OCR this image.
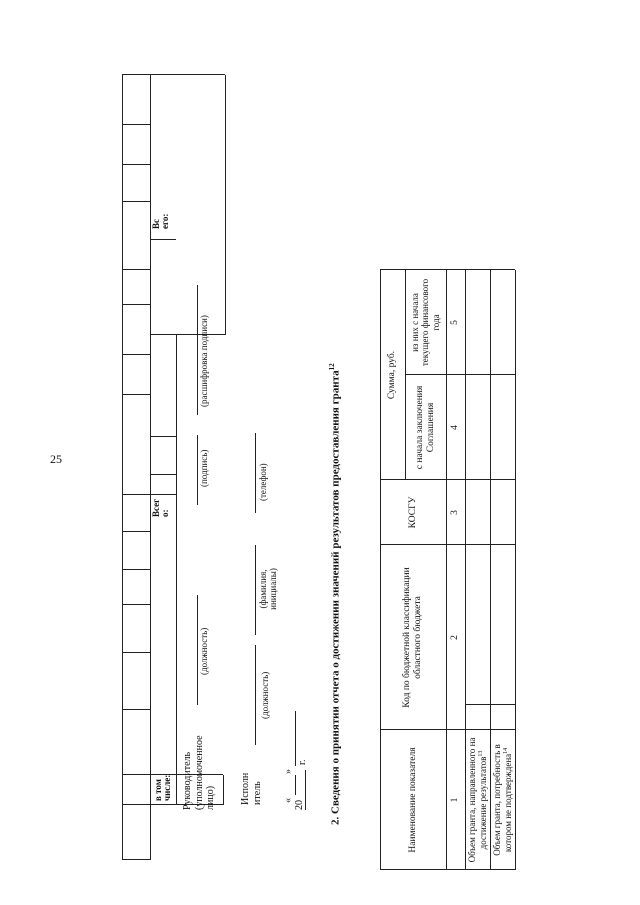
25
в том числе:
Всег о:
Вс его:
Руководитель (уполномоченное лицо)
(должность)
(подпись)
(расшифровка подписи)
Исполн итель
(должность)
(фамилия, инициалы)
(телефон)
«
»
20
г. 2. Сведения о принятии отчета о достижении значений результатов предоставления гранта$^{12}$
Наименование показателя
Код по бюджетной классификации областного бюджета
КОСГУ
Сумма, руб.
с начала заключения Соглашения
из них с начала текущего финансового года
1
2
3
4
5
Объем гранта, направленного на достижение результатов$^{13}$ Объем гранта, потребность в котором не подтверждена$^{14}$
